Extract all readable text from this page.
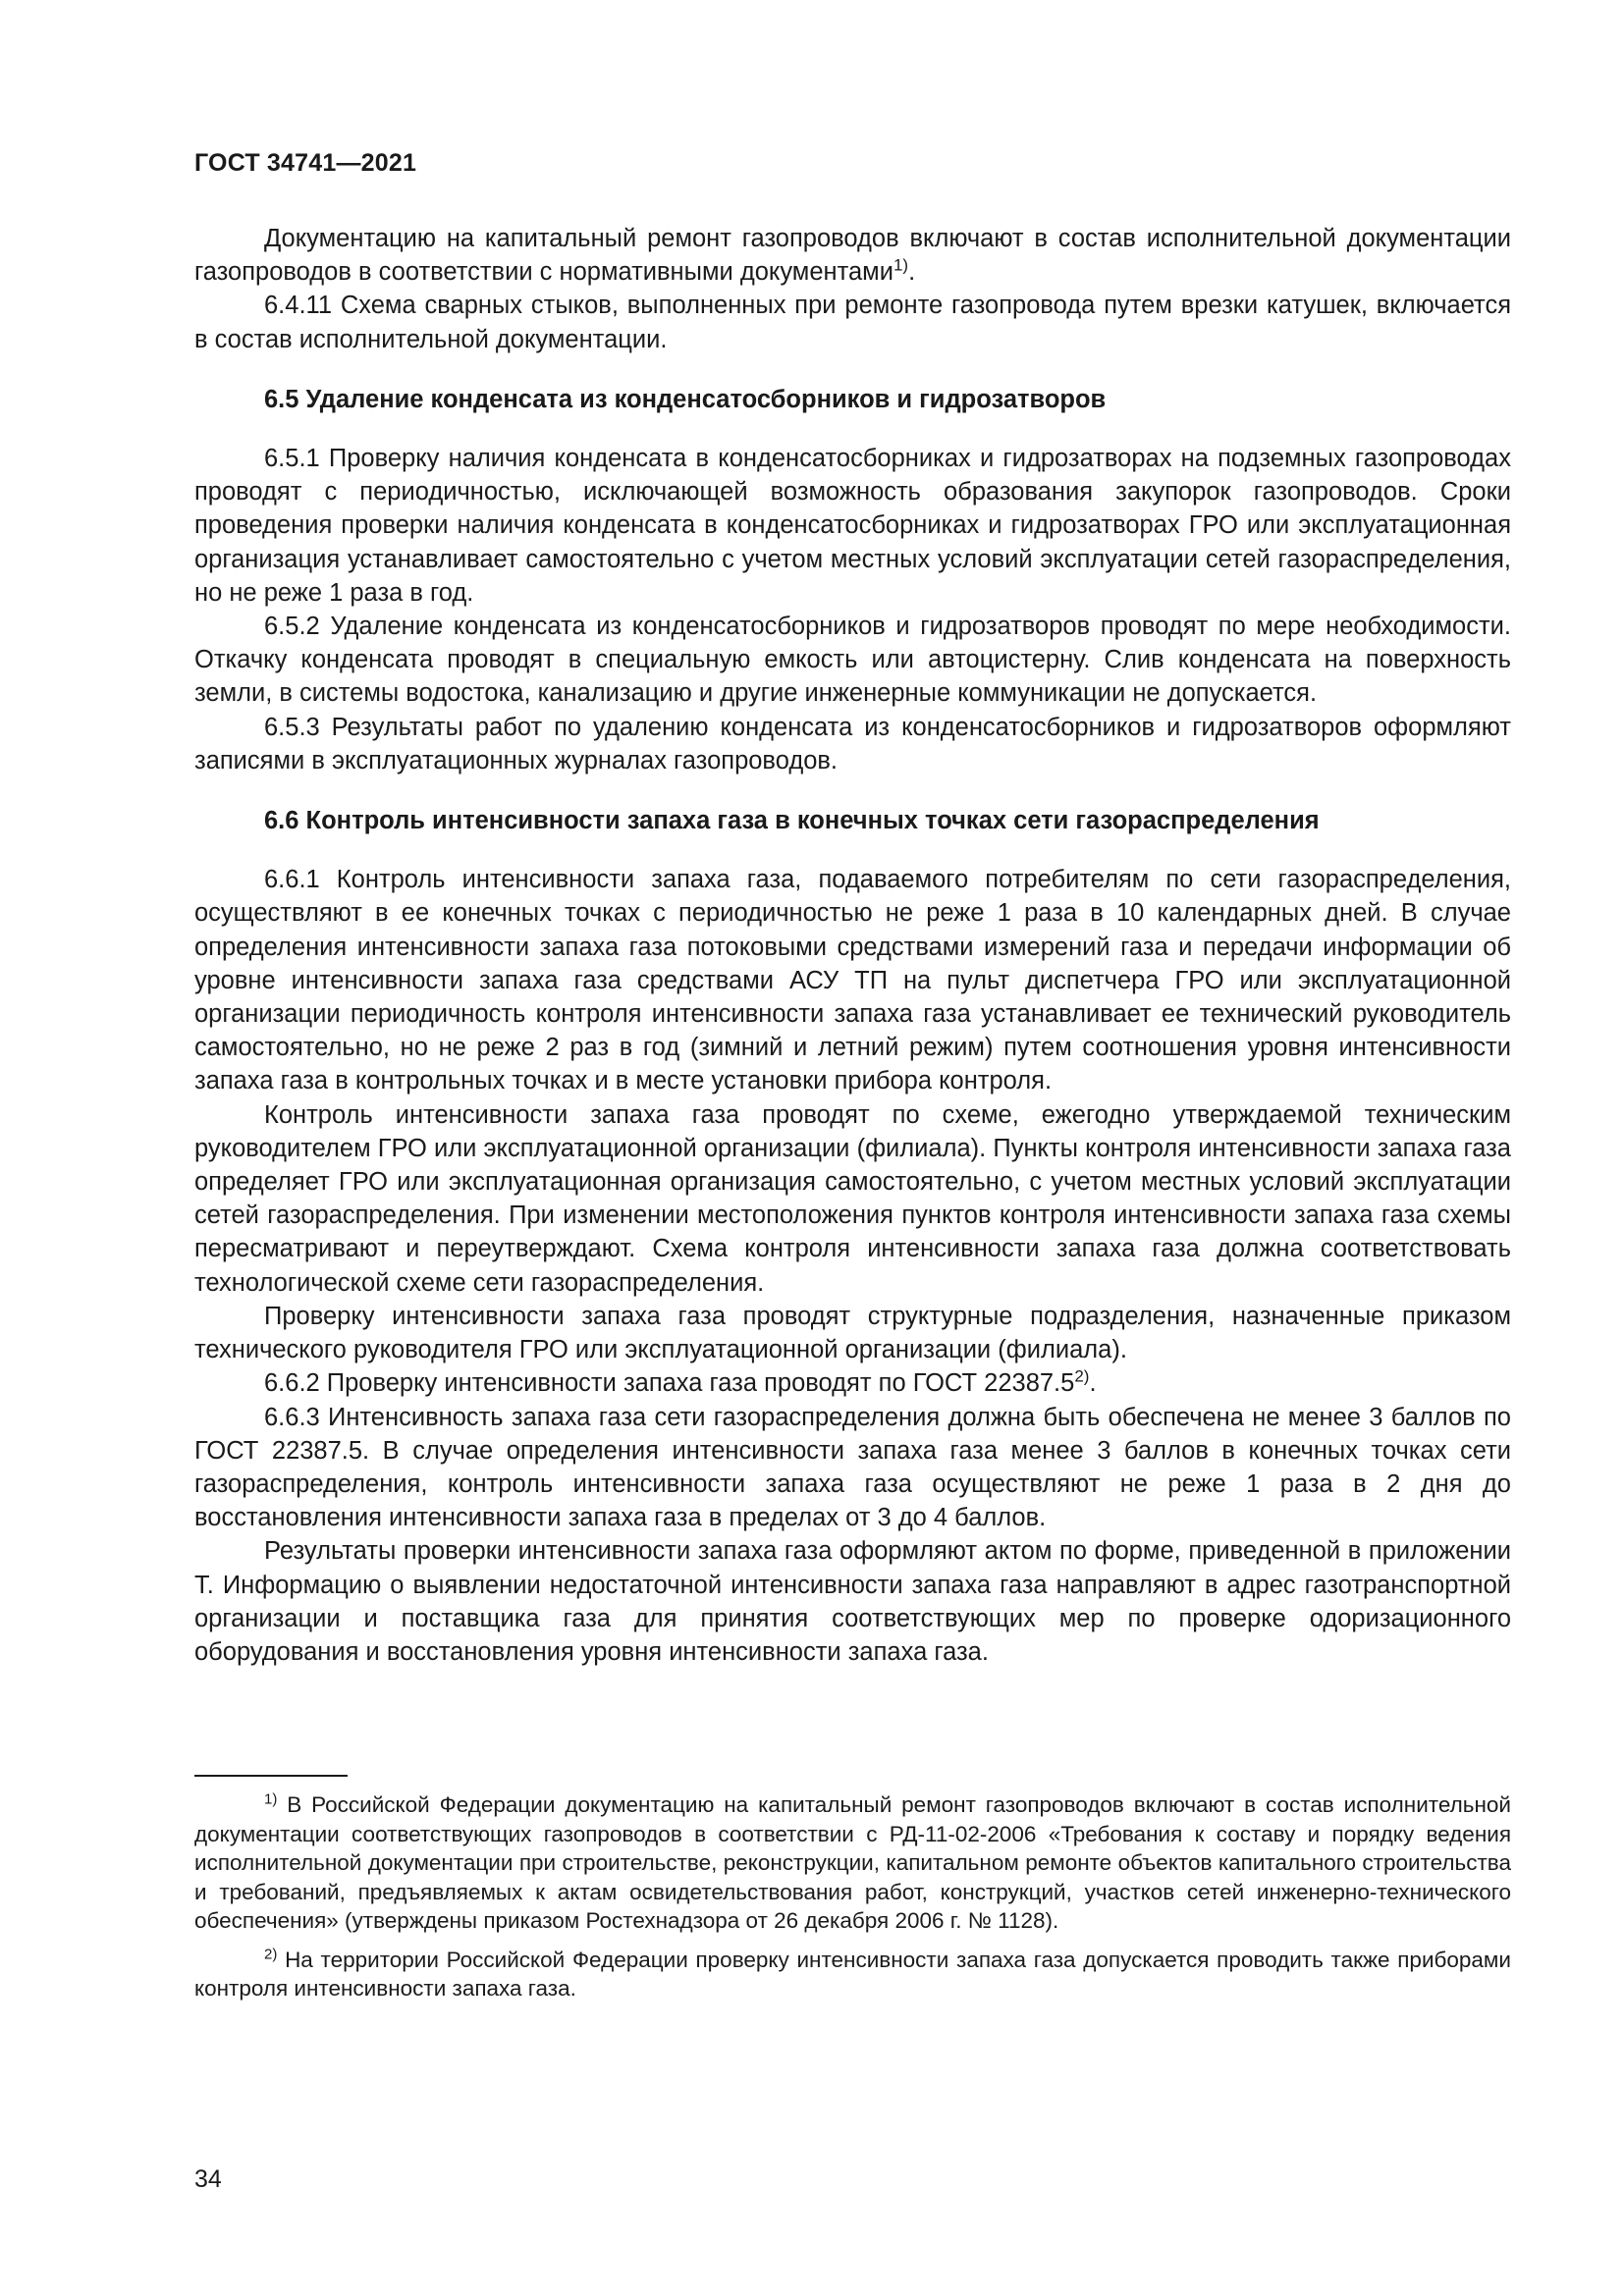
ГОСТ 34741—2021

Документацию на капитальный ремонт газопроводов включают в состав исполнительной документации газопроводов в соответствии с нормативными документами$^{1)}$.

6.4.11 Схема сварных стыков, выполненных при ремонте газопровода путем врезки катушек, включается в состав исполнительной документации.

6.5 Удаление конденсата из конденсатосборников и гидрозатворов

6.5.1 Проверку наличия конденсата в конденсатосборниках и гидрозатворах на подземных газопроводах проводят с периодичностью, исключающей возможность образования закупорок газопроводов. Сроки проведения проверки наличия конденсата в конденсатосборниках и гидрозатворах ГРО или эксплуатационная организация устанавливает самостоятельно с учетом местных условий эксплуатации сетей газораспределения, но не реже 1 раза в год.

6.5.2 Удаление конденсата из конденсатосборников и гидрозатворов проводят по мере необходимости. Откачку конденсата проводят в специальную емкость или автоцистерну. Слив конденсата на поверхность земли, в системы водостока, канализацию и другие инженерные коммуникации не допускается.

6.5.3 Результаты работ по удалению конденсата из конденсатосборников и гидрозатворов оформляют записями в эксплуатационных журналах газопроводов.

6.6 Контроль интенсивности запаха газа в конечных точках сети газораспределения

6.6.1 Контроль интенсивности запаха газа, подаваемого потребителям по сети газораспределения, осуществляют в ее конечных точках с периодичностью не реже 1 раза в 10 календарных дней. В случае определения интенсивности запаха газа потоковыми средствами измерений газа и передачи информации об уровне интенсивности запаха газа средствами АСУ ТП на пульт диспетчера ГРО или эксплуатационной организации периодичность контроля интенсивности запаха газа устанавливает ее технический руководитель самостоятельно, но не реже 2 раз в год (зимний и летний режим) путем соотношения уровня интенсивности запаха газа в контрольных точках и в месте установки прибора контроля.

Контроль интенсивности запаха газа проводят по схеме, ежегодно утверждаемой техническим руководителем ГРО или эксплуатационной организации (филиала). Пункты контроля интенсивности запаха газа определяет ГРО или эксплуатационная организация самостоятельно, с учетом местных условий эксплуатации сетей газораспределения. При изменении местоположения пунктов контроля интенсивности запаха газа схемы пересматривают и переутверждают. Схема контроля интенсивности запаха газа должна соответствовать технологической схеме сети газораспределения.

Проверку интенсивности запаха газа проводят структурные подразделения, назначенные приказом технического руководителя ГРО или эксплуатационной организации (филиала).

6.6.2 Проверку интенсивности запаха газа проводят по ГОСТ 22387.5$^{2)}$.

6.6.3 Интенсивность запаха газа сети газораспределения должна быть обеспечена не менее 3 баллов по ГОСТ 22387.5. В случае определения интенсивности запаха газа менее 3 баллов в конечных точках сети газораспределения, контроль интенсивности запаха газа осуществляют не реже 1 раза в 2 дня до восстановления интенсивности запаха газа в пределах от 3 до 4 баллов.

Результаты проверки интенсивности запаха газа оформляют актом по форме, приведенной в приложении Т. Информацию о выявлении недостаточной интенсивности запаха газа направляют в адрес газотранспортной организации и поставщика газа для принятия соответствующих мер по проверке одоризационного оборудования и восстановления уровня интенсивности запаха газа.

$^{1)}$ В Российской Федерации документацию на капитальный ремонт газопроводов включают в состав исполнительной документации соответствующих газопроводов в соответствии с РД-11-02-2006 «Требования к составу и порядку ведения исполнительной документации при строительстве, реконструкции, капитальном ремонте объектов капитального строительства и требований, предъявляемых к актам освидетельствования работ, конструкций, участков сетей инженерно-технического обеспечения» (утверждены приказом Ростехнадзора от 26 декабря 2006 г. № 1128).

$^{2)}$ На территории Российской Федерации проверку интенсивности запаха газа допускается проводить также приборами контроля интенсивности запаха газа.

34
